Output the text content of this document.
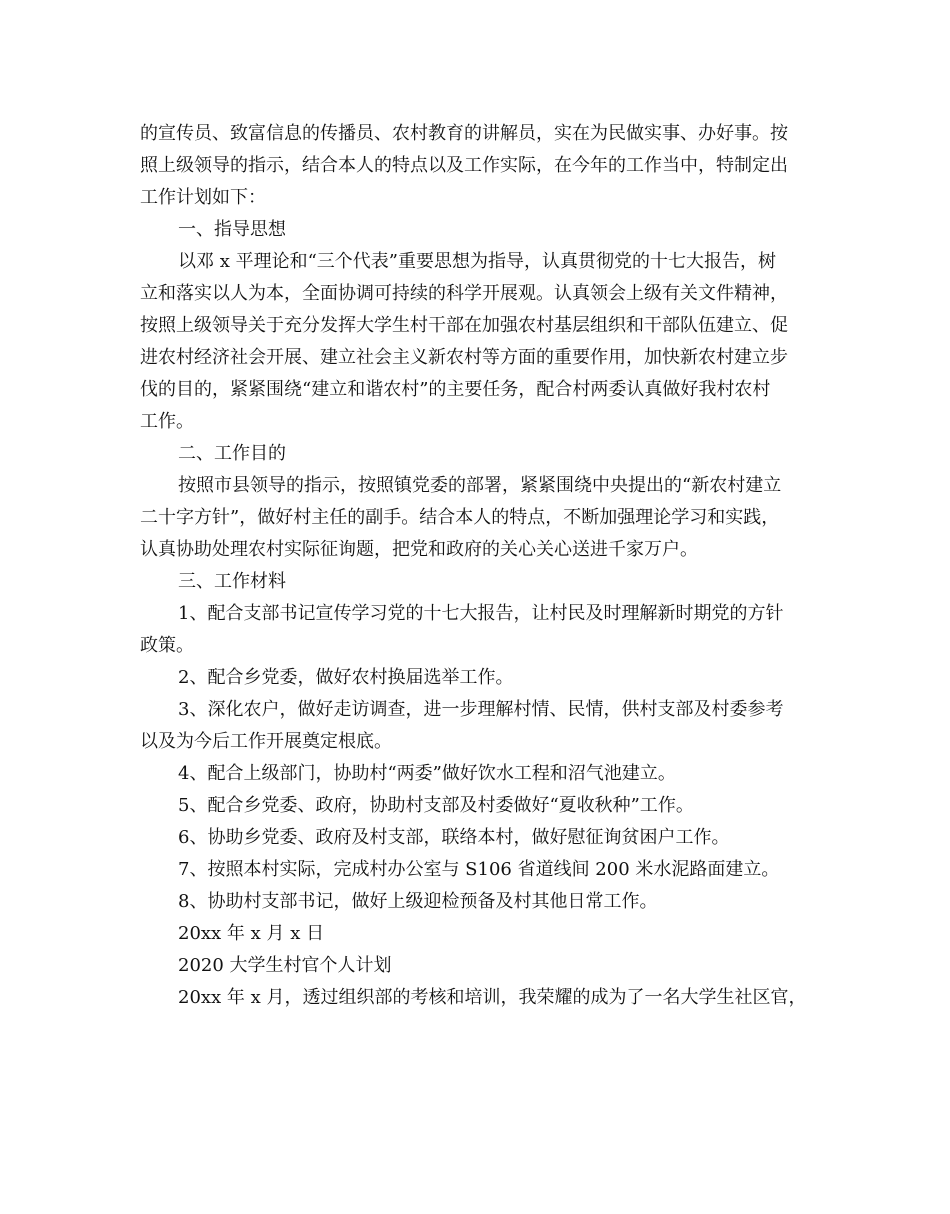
的宣传员、致富信息的传播员、农村教育的讲解员，实在为民做实事、办好事。按
照上级领导的指示，结合本人的特点以及工作实际，在今年的工作当中，特制定出
工作计划如下：
一、指导思想
以邓 x 平理论和“三个代表”重要思想为指导，认真贯彻党的十七大报告，树
立和落实以人为本，全面协调可持续的科学开展观。认真领会上级有关文件精神，
按照上级领导关于充分发挥大学生村干部在加强农村基层组织和干部队伍建立、促
进农村经济社会开展、建立社会主义新农村等方面的重要作用，加快新农村建立步
伐的目的，紧紧围绕“建立和谐农村”的主要任务，配合村两委认真做好我村农村
工作。
二、工作目的
按照市县领导的指示，按照镇党委的部署，紧紧围绕中央提出的“新农村建立
二十字方针”，做好村主任的副手。结合本人的特点，不断加强理论学习和实践，
认真协助处理农村实际征询题，把党和政府的关心关心送进千家万户。
三、工作材料
1、配合支部书记宣传学习党的十七大报告，让村民及时理解新时期党的方针
政策。
2、配合乡党委，做好农村换届选举工作。
3、深化农户，做好走访调查，进一步理解村情、民情，供村支部及村委参考
以及为今后工作开展奠定根底。
4、配合上级部门，协助村“两委”做好饮水工程和沼气池建立。
5、配合乡党委、政府，协助村支部及村委做好“夏收秋种”工作。
6、协助乡党委、政府及村支部，联络本村，做好慰征询贫困户工作。
7、按照本村实际，完成村办公室与 S106 省道线间 200 米水泥路面建立。
8、协助村支部书记，做好上级迎检预备及村其他日常工作。
20xx 年 x 月 x 日
2020 大学生村官个人计划
20xx 年 x 月，透过组织部的考核和培训，我荣耀的成为了一名大学生社区官，
